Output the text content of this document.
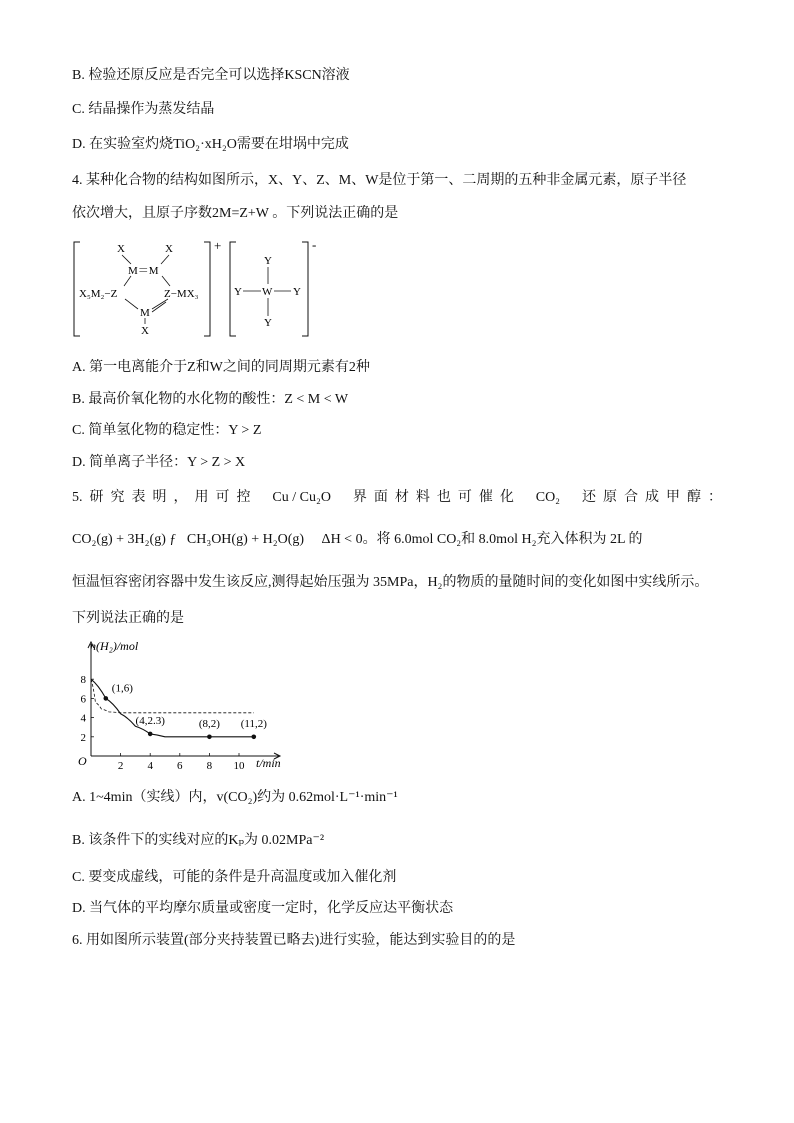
B. 检验还原反应是否完全可以选择KSCN溶液
C. 结晶操作为蒸发结晶
D. 在实验室灼烧TiO₂·xH₂O需要在坩埚中完成
4. 某种化合物的结构如图所示，X、Y、Z、M、W是位于第一、二周期的五种非金属元素，原子半径
依次增大，且原子序数2M=Z+W 。下列说法正确的是
+
X	X
M＝M
X₅M₂−Z	Z−MX₃
M
X
-
Y
Y W Y
Y
A. 第一电离能介于Z和W之间的同周期元素有2种
B. 最高价氧化物的水化物的酸性：Z < M < W
C. 简单氢化物的稳定性：Y > Z
D. 简单离子半径：Y > Z > X
5.  研  究  表  明  ，  用  可  控 Cu / Cu₂O 界  面  材  料  也  可  催  化 CO₂ 还  原  合  成  甲  醇  ：
CO₂(g) + 3H₂(g) ƒ   CH₃OH(g) + H₂O(g)     ΔH < 0。将 6.0mol CO₂和 8.0mol H₂充入体积为 2L 的
恒温恒容密闭容器中发生该反应,测得起始压强为 35MPa，H₂的物质的量随时间的变化如图中实线所示。
下列说法正确的是
n(H₂)/mol
t/min
O	2 4 6 8 10
2
4
6
8
(1,6)
(4,2.3)	(8,2) (11,2)
A. 1~4min（实线）内，v(CO₂)约为 0.62mol·L⁻¹·min⁻¹
B. 该条件下的实线对应的Kₚ为 0.02MPa⁻²
C. 要变成虚线，可能的条件是升高温度或加入催化剂
D. 当气体的平均摩尔质量或密度一定时，化学反应达平衡状态
6. 用如图所示装置(部分夹持装置已略去)进行实验，能达到实验目的的是
